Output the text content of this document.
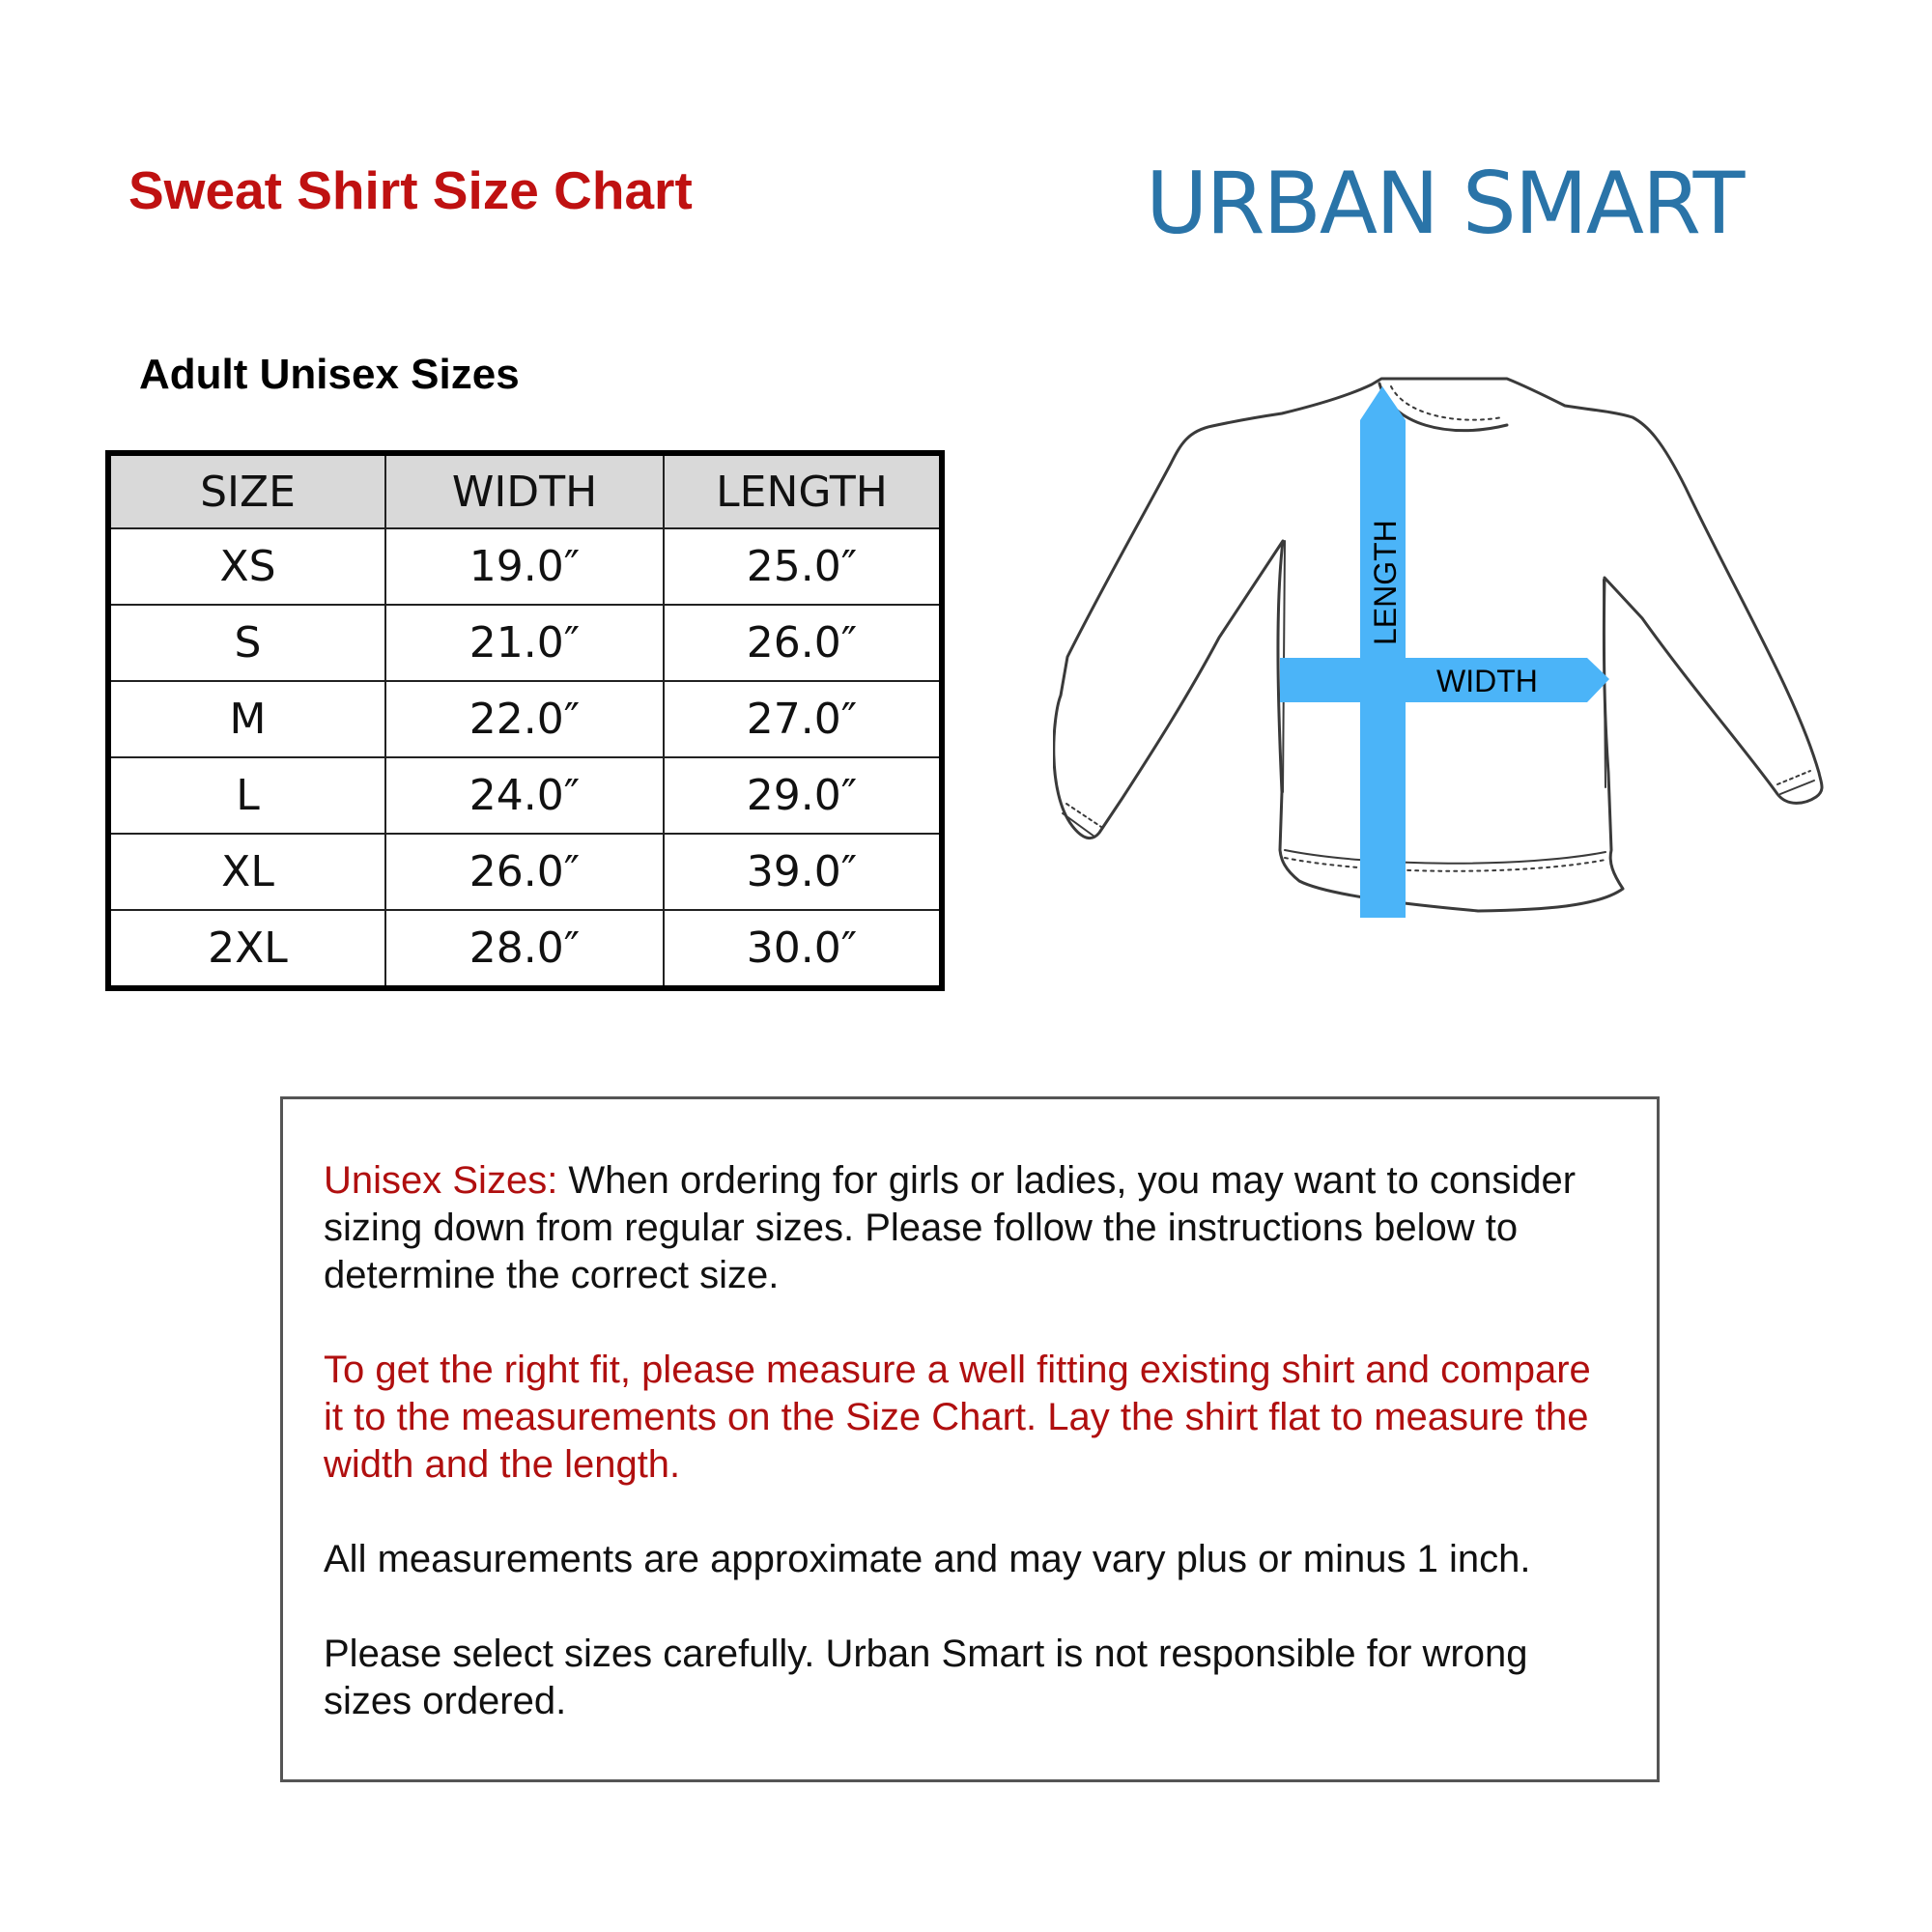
Sweat Shirt Size Chart	URBAN SMART
Adult Unisex Sizes
SIZE	WIDTH	LENGTH
XS	19.0″	25.0″
S	21.0″	26.0″
M	22.0″	27.0″
L	24.0″	29.0″
XL	26.0″	39.0″
2XL	28.0″	30.0″
LENGTH
WIDTH

Unisex Sizes: When ordering for girls or ladies, you may want to consider sizing down from regular sizes. Please follow the instructions below to determine the correct size.

To get the right fit, please measure a well fitting existing shirt and compare it to the measurements on the Size Chart. Lay the shirt flat to measure the width and the length.

All measurements are approximate and may vary plus or minus 1 inch.

Please select sizes carefully. Urban Smart is not responsible for wrong sizes ordered.
